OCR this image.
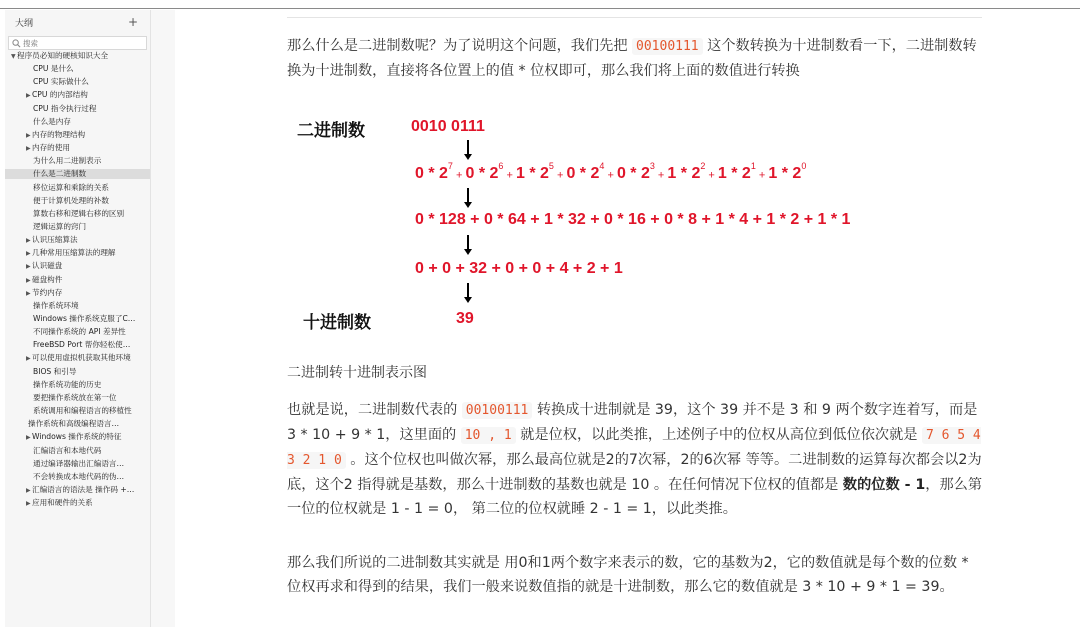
大纲	+
搜索
▼程序员必知的硬核知识大全
CPU 是什么
CPU 实际做什么
▶CPU 的内部结构
CPU 指令执行过程
什么是内存
▶内存的物理结构
▶内存的使用
为什么用二进制表示
什么是二进制数
移位运算和乘除的关系
便于计算机处理的补数
算数右移和逻辑右移的区别
逻辑运算的窍门
▶认识压缩算法
▶几种常用压缩算法的理解
▶认识磁盘
▶磁盘构件
▶节约内存
操作系统环境
Windows 操作系统克服了C…
不同操作系统的 API 差异性
FreeBSD Port 帮你轻松使…
▶可以使用虚拟机获取其他环境
BIOS 和引导
操作系统功能的历史
要把操作系统放在第一位
系统调用和编程语言的移植性
操作系统和高级编程语言…
▶Windows 操作系统的特征
汇编语言和本地代码
通过编译器输出汇编语言…
不会转换成本地代码的伪…
▶汇编语言的语法是 操作码 +…
▶应用和硬件的关系
那么什么是二进制数呢？为了说明这个问题，我们先把 00100111 这个数转换为十进制数看一下，二进制数转换为十进制数，直接将各位置上的值 * 位权即可，那么我们将上面的数值进行转换
二进制数	0010 0111
$0 * 2^7 + 0 * 2^6 + 1 * 2^5 + 0 * 2^4 + 0 * 2^3 + 1 * 2^2 + 1 * 2^1 + 1 * 2^0$
0 * 128 + 0 * 64 + 1 * 32 + 0 * 16 + 0 * 8 + 1 * 4 + 1 * 2 + 1 * 1
0 + 0 + 32 + 0 + 0 + 4 + 2 + 1
十进制数	39
二进制转十进制表示图
也就是说，二进制数代表的 00100111 转换成十进制就是 39，这个 39 并不是 3 和 9 两个数字连着写，而是 3 * 10 + 9 * 1，这里面的 10 , 1 就是位权，以此类推，上述例子中的位权从高位到低位依次就是 7 6 5 4 3 2 1 0 。这个位权也叫做次幂，那么最高位就是2的7次幂，2的6次幂 等等。二进制数的运算每次都会以2为底，这个2 指得就是基数，那么十进制数的基数也就是 10 。在任何情况下位权的值都是 数的位数 - 1，那么第一位的位权就是 1 - 1 = 0， 第二位的位权就睡 2 - 1 = 1，以此类推。
那么我们所说的二进制数其实就是 用0和1两个数字来表示的数，它的基数为2，它的数值就是每个数的位数 * 位权再求和得到的结果，我们一般来说数值指的就是十进制数，那么它的数值就是 3 * 10 + 9 * 1 = 39。
